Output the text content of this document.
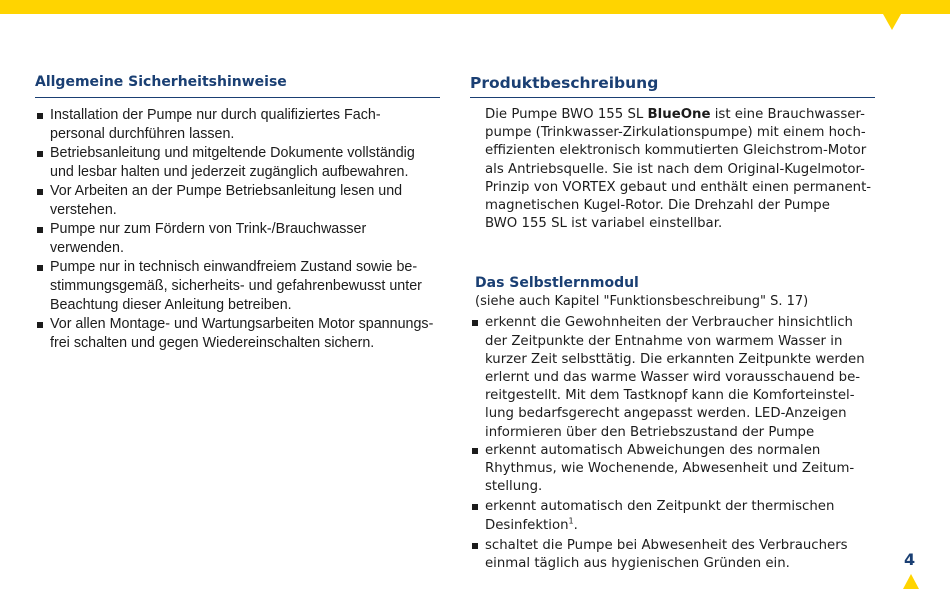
Allgemeine Sicherheitshinweise
Installation der Pumpe nur durch qualifiziertes Fach-
personal durchführen lassen.
Betriebsanleitung und mitgeltende Dokumente vollständig
und lesbar halten und jederzeit zugänglich aufbewahren.
Vor Arbeiten an der Pumpe Betriebsanleitung lesen und
verstehen.
Pumpe nur zum Fördern von Trink-/Brauchwasser verwenden.
Pumpe nur in technisch einwandfreiem Zustand sowie be-
stimmungsgemäß, sicherheits- und gefahrenbewusst unter
Beachtung dieser Anleitung betreiben.
Vor allen Montage- und Wartungsarbeiten Motor spannungs-
frei schalten und gegen Wiedereinschalten sichern.
Produktbeschreibung

Die Pumpe BWO 155 SL BlueOne ist eine Brauchwasser-
pumpe (Trinkwasser-Zirkulationspumpe) mit einem hoch-
effizienten elektronisch kommutierten Gleichstrom-Motor
als Antriebsquelle. Sie ist nach dem Original-Kugelmotor-
Prinzip von VORTEX gebaut und enthält einen permanent-
magnetischen Kugel-Rotor. Die Drehzahl der Pumpe
BWO 155 SL ist variabel einstellbar.

Das Selbstlernmodul
(siehe auch Kapitel "Funktionsbeschreibung" S. 17)
erkennt die Gewohnheiten der Verbraucher hinsichtlich
der Zeitpunkte der Entnahme von warmem Wasser in
kurzer Zeit selbsttätig. Die erkannten Zeitpunkte werden
erlernt und das warme Wasser wird vorausschauend be-
reitgestellt. Mit dem Tastknopf kann die Komforteinstel-
lung bedarfsgerecht angepasst werden. LED-Anzeigen
informieren über den Betriebszustand der Pumpe
erkennt automatisch Abweichungen des normalen
Rhythmus, wie Wochenende, Abwesenheit und Zeitum-
stellung.
erkennt automatisch den Zeitpunkt der thermischen
Desinfektion$^1$.
schaltet die Pumpe bei Abwesenheit des Verbrauchers
einmal täglich aus hygienischen Gründen ein.	4
